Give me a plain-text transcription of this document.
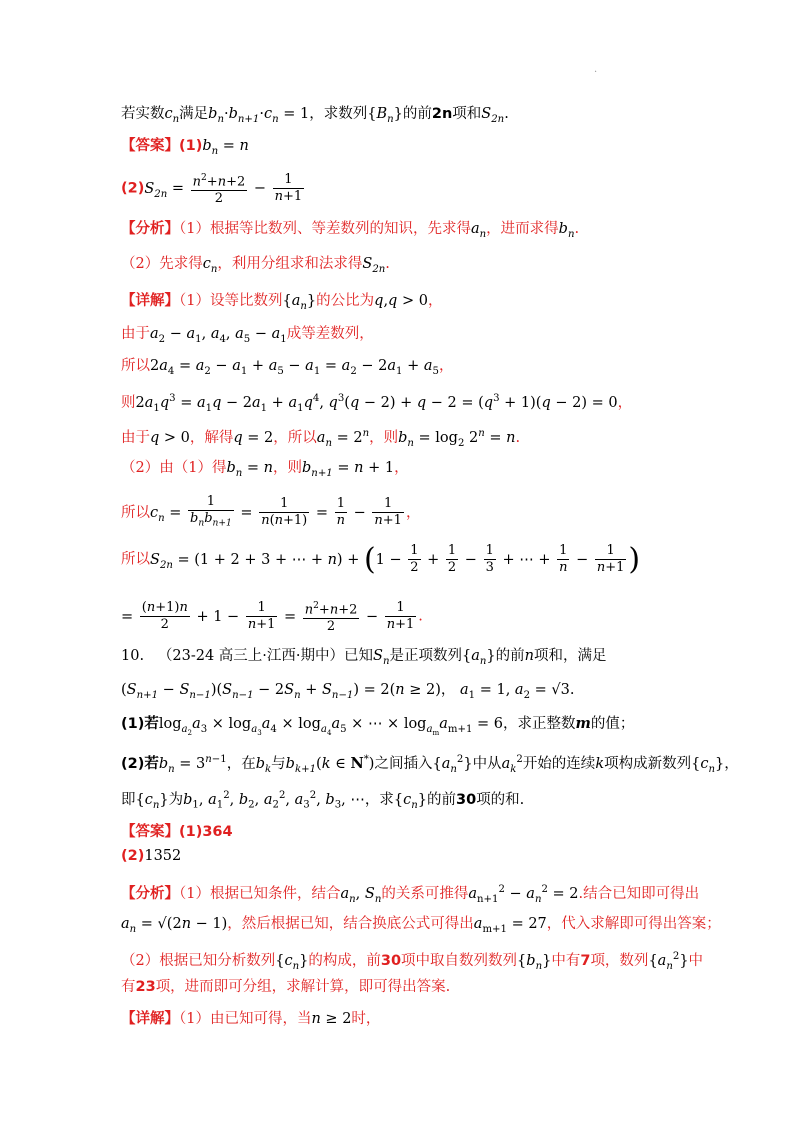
.
若实数$c_n$满足$b_n\cdot b_{n+1}\cdot c_n = 1$，求数列$\{B_n\}$的前2n项和$S_{2n}$.
【答案】$(1)b_n = n$
$(2)S_{2n} = \frac{n^2+n+2}{2} - \frac{1}{n+1}$
【分析】（1）根据等比数列、等差数列的知识，先求得$a_n$，进而求得$b_n$.
（2）先求得$c_n$，利用分组求和法求得$S_{2n}$.
【详解】（1）设等比数列$\{a_n\}$的公比为q,q > 0，
由于$a_2 - a_1$, $a_4$, $a_5 - a_1$成等差数列，
所以$2a_4 = a_2 - a_1 + a_5 - a_1 = a_2 - 2a_1 + a_5$，
则$2a_1q^3 = a_1q - 2a_1 + a_1q^4$, $q^3(q - 2) + q - 2 = (q^3 + 1)(q - 2) = 0$，
由于q > 0，解得q = 2，所以$a_n = 2^n$，则$b_n = \log_2 2^n = n$.
（2）由（1）得$b_n = n$，则$b_{n+1} = n + 1$，
所以$c_n = \frac{1}{b_nb_{n+1}} = \frac{1}{n(n+1)} = \frac{1}{n} - \frac{1}{n+1}$ ，
所以$S_{2n} = (1 + 2 + 3$ + ⋯ + $n) + (1 - \frac{1}{2} + \frac{1}{2} - \frac{1}{3}$ + ⋯ + $\frac{1}{n} - \frac{1}{n+1}$ )
= $\frac{(n+1)n}{2} + 1 - \frac{1}{n+1} = \frac{n^2+n+2}{2} - \frac{1}{n+1}$ .
10. （23-24 高三上·江西·期中）已知$S_n$是正项数列$\{a_n\}$的前n项和，满足
$(S_{n+1} - S_{n-1})(S_{n-1} - 2S_n + S_{n-1}) = 2(n \ge 2)$， $a_1 = 1$, $a_2 = √3$.
(1)若$\log_{a_2}a_3 \times \log_{a_3}a_4 \times \log_{a_4}a_5$ × ⋯ × $\log_{a_m}a_{m+1} = 6$，求正整数m的值；
(2)若$b_n = 3^{n-1}$，在$b_k$与$b_{k+1}(k$ ∈ N*)之间插入$\{a_n^2\}$中从$a_k^2$开始的连续k项构成新数列$\{c_n\}$，
即$\{c_n\}$为$b_1$, $a_1^2$, $b_2$, $a_2^2$, $a_3^2$, $b_3$, ⋯，求$\{c_n\}$的前30项的和.
【答案】(1)364
(2)1352
【分析】（1）根据已知条件，结合$a_n$, $S_n$的关系可推得$a_{n+1}^2 - a_n^2 = 2$.结合已知即可得出
$a_n = √(2n - 1)$，然后根据已知，结合换底公式可得出$a_{m+1} = 27$，代入求解即可得出答案；
（2）根据已知分析数列$\{c_n\}$的构成，前30项中取自数列数列$\{b_n\}$中有7项，数列$\{a_n^2\}$中
有23项，进而即可分组，求解计算，即可得出答案.
【详解】（1）由已知可得，当n ≥ 2时，
